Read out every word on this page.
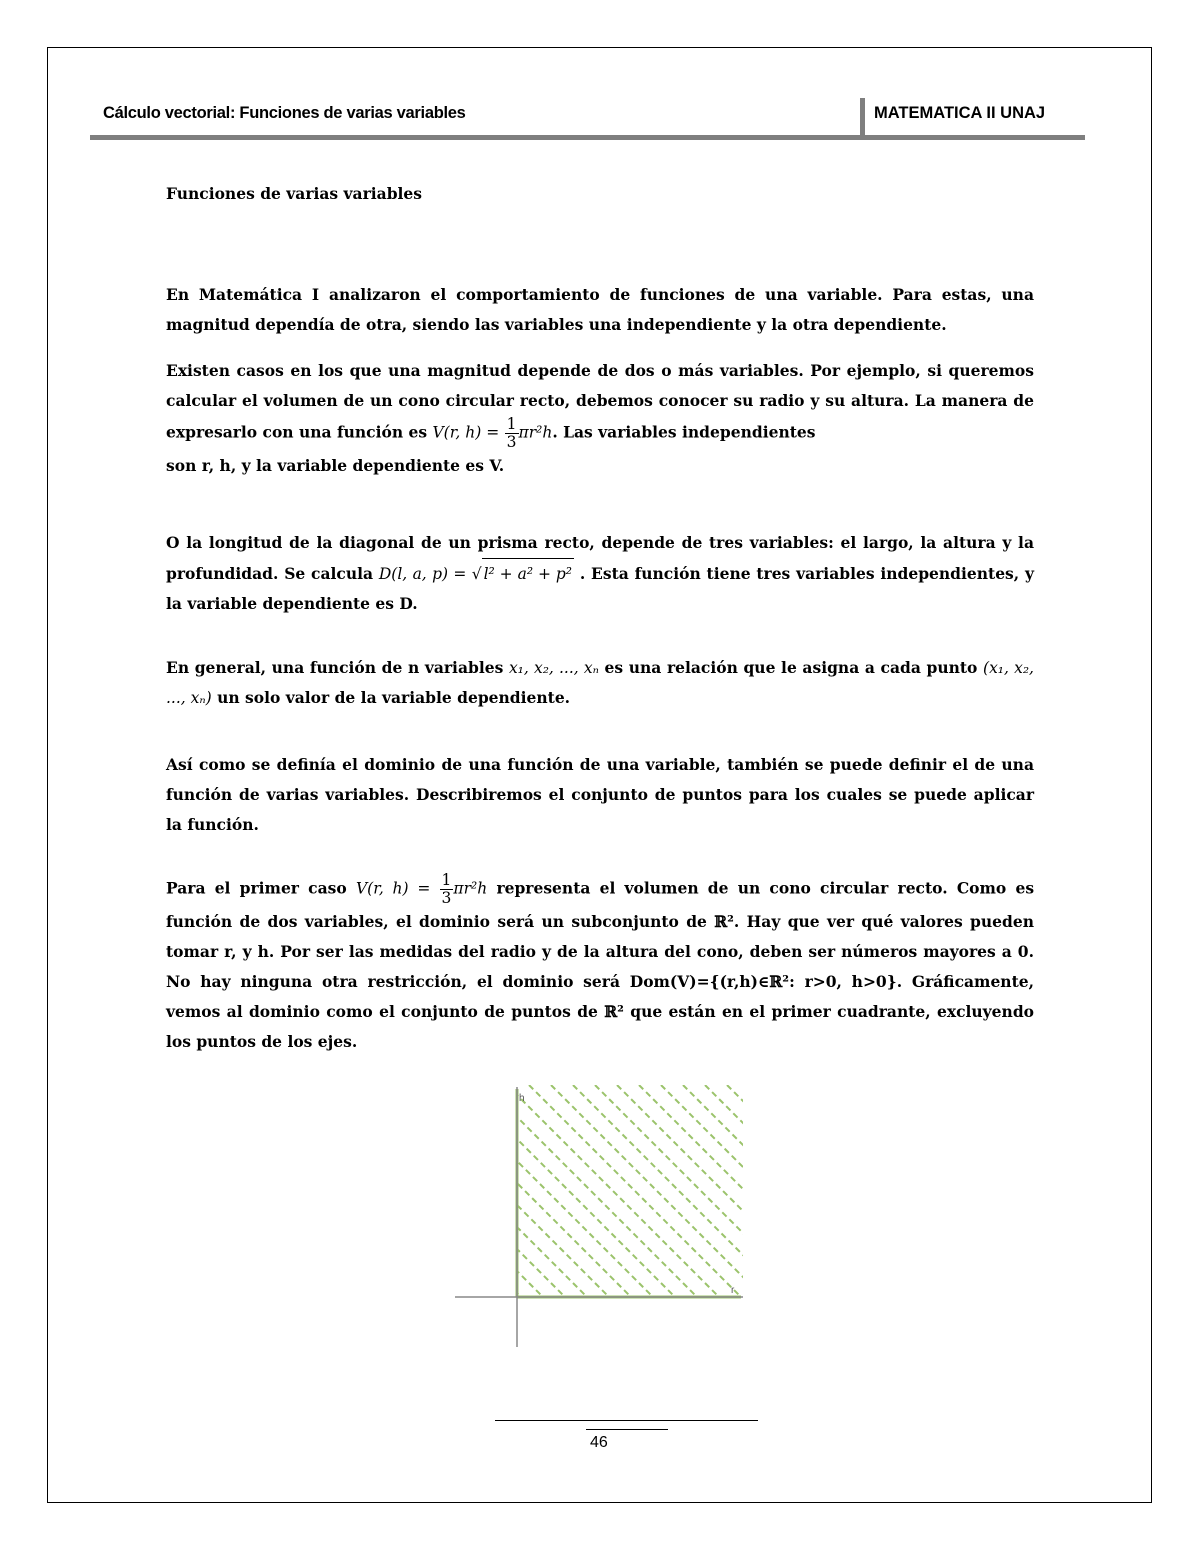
Cálculo vectorial: Funciones de varias variables	MATEMATICA II UNAJ
Funciones de varias variables

En Matemática I analizaron el comportamiento de funciones de una variable. Para estas, una magnitud dependía de otra, siendo las variables una independiente y la otra dependiente.

Existen casos en los que una magnitud depende de dos o más variables. Por ejemplo, si queremos calcular el volumen de un cono circular recto, debemos conocer su radio y su altura. La manera de expresarlo con una función es V(r, $h) = \frac{1}{3} \pi r^2h$. Las variables independientes
son r, h, y la variable dependiente es V.

O la longitud de la diagonal de un prisma recto, depende de tres variables: el largo, la altura y la profundidad. Se calcula D(l, a, p) = √ l² + a² + p² . Esta función tiene tres variables independientes, y la variable dependiente es D.

En general, una función de n variables x₁, x₂, ..., xₙ es una relación que le asigna a cada punto (x₁, x₂, ..., xₙ) un solo valor de la variable dependiente.

Así como se definía el dominio de una función de una variable, también se puede definir el de una función de varias variables. Describiremos el conjunto de puntos para los cuales se puede aplicar la función.

Para el primer caso V(r, $h) = \frac{1}{3} \pi r^2h$ representa el volumen de un cono circular recto. Como es función de dos variables, el dominio será un subconjunto de ℝ². Hay que ver qué valores pueden tomar r, y h. Por ser las medidas del radio y de la altura del cono, deben ser números mayores a 0. No hay ninguna otra restricción, el dominio será Dom(V)={(r,h)∈ℝ²: r>0, h>0}. Gráficamente, vemos al dominio como el conjunto de puntos de ℝ² que están en el primer cuadrante, excluyendo los puntos de los ejes.

h
r
46
